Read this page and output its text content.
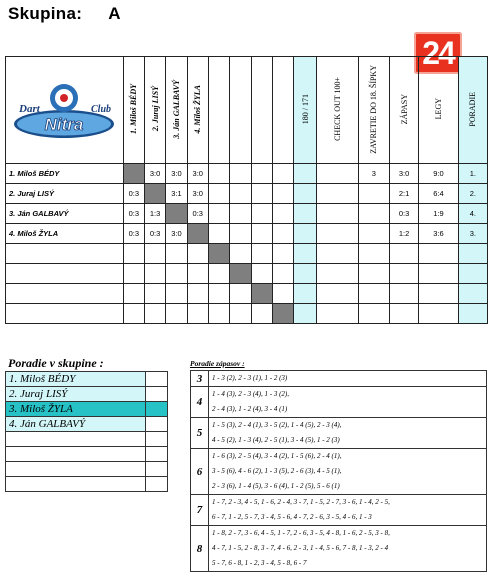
Skupina: A
24
Dart Club
Nitra	1. Miloš BÉDY	2. Juraj LISÝ	3. Ján GALBAVÝ	4. Miloš ŽYLA					180 / 171	CHECK OUT 100+	ZAVRETIE DO 18. ŠÍPKY	ZÁPASY	LEGY	PORADIE
1. Miloš BÉDY		3:0	3:0	3:0							3	3:0	9:0	1.
2. Juraj LISÝ	0:3		3:1	3:0								2:1	6:4	2.
3. Ján GALBAVÝ	0:3	1:3		0:3								0:3	1:9	4.
4. Miloš ŽYLA	0:3	0:3	3:0									1:2	3:6	3.

Poradie v skupine :
1. Miloš BÉDY	
2. Juraj LISÝ	
3. Miloš ŽYLA	
4. Ján GALBAVÝ	

Poradie zápasov :
3	1 - 3 (2), 2 - 3 (1), 1 - 2 (3)

4	1 - 4 (3), 2 - 3 (4), 1 - 3 (2),
2 - 4 (3), 1 - 2 (4), 3 - 4 (1)

5	1 - 5 (3), 2 - 4 (1), 3 - 5 (2), 1 - 4 (5), 2 - 3 (4),
4 - 5 (2), 1 - 3 (4), 2 - 5 (1), 3 - 4 (5), 1 - 2 (3)

6	1 - 6 (3), 2 - 5 (4), 3 - 4 (2), 1 - 5 (6), 2 - 4 (1),
3 - 5 (6), 4 - 6 (2), 1 - 3 (5), 2 - 6 (3), 4 - 5 (1),
2 - 3 (6), 1 - 4 (5), 3 - 6 (4), 1 - 2 (5), 5 - 6 (1)

7	1 - 7, 2 - 3, 4 - 5, 1 - 6, 2 - 4, 3 - 7, 1 - 5, 2 - 7, 3 - 6, 1 - 4, 2 - 5,
6 - 7, 1 - 2, 5 - 7, 3 - 4, 5 - 6, 4 - 7, 2 - 6, 3 - 5, 4 - 6, 1 - 3

8	1 - 8, 2 - 7, 3 - 6, 4 - 5, 1 - 7, 2 - 6, 3 - 5, 4 - 8, 1 - 6, 2 - 5, 3 - 8,
4 - 7, 1 - 5, 2 - 8, 3 - 7, 4 - 6, 2 - 3, 1 - 4, 5 - 6, 7 - 8, 1 - 3, 2 - 4
5 - 7, 6 - 8, 1 - 2, 3 - 4, 5 - 8, 6 - 7
